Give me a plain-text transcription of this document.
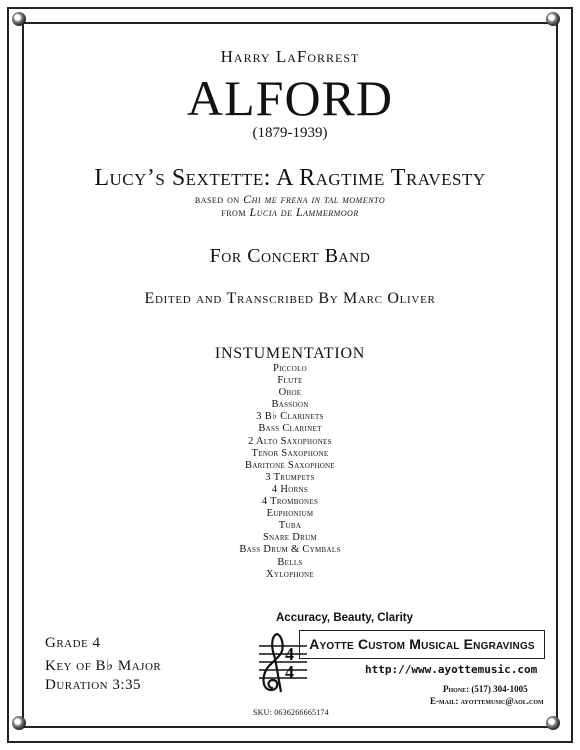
Harry LaForrest
ALFORD
(1879-1939)
Lucy’s Sextette: A Ragtime Travesty
based on Chi me frena in tal momento
from Lucia de Lammermoor
For Concert Band
Edited and Transcribed By Marc Oliver
INSTUMENTATION
Piccolo
Flute
Oboe
Bassoon
3 B♭ Clarinets
Bass Clarinet
2 Alto Saxophones
Tenor Saxophone
Baritone Saxophone
3 Trumpets
4 Horns
4 Trombones
Euphonium
Tuba
Snare Drum
Bass Drum & Cymbals
Bells
Xylophone
Grade 4
Key of B♭ Major
Duration 3:35
Accuracy, Beauty, Clarity
4
4
Ayotte Custom Musical Engravings
http://www.ayottemusic.com
Phone: (517) 304-1005
E-mail: ayottemusic@aol.com
SKU: 0636266665174
